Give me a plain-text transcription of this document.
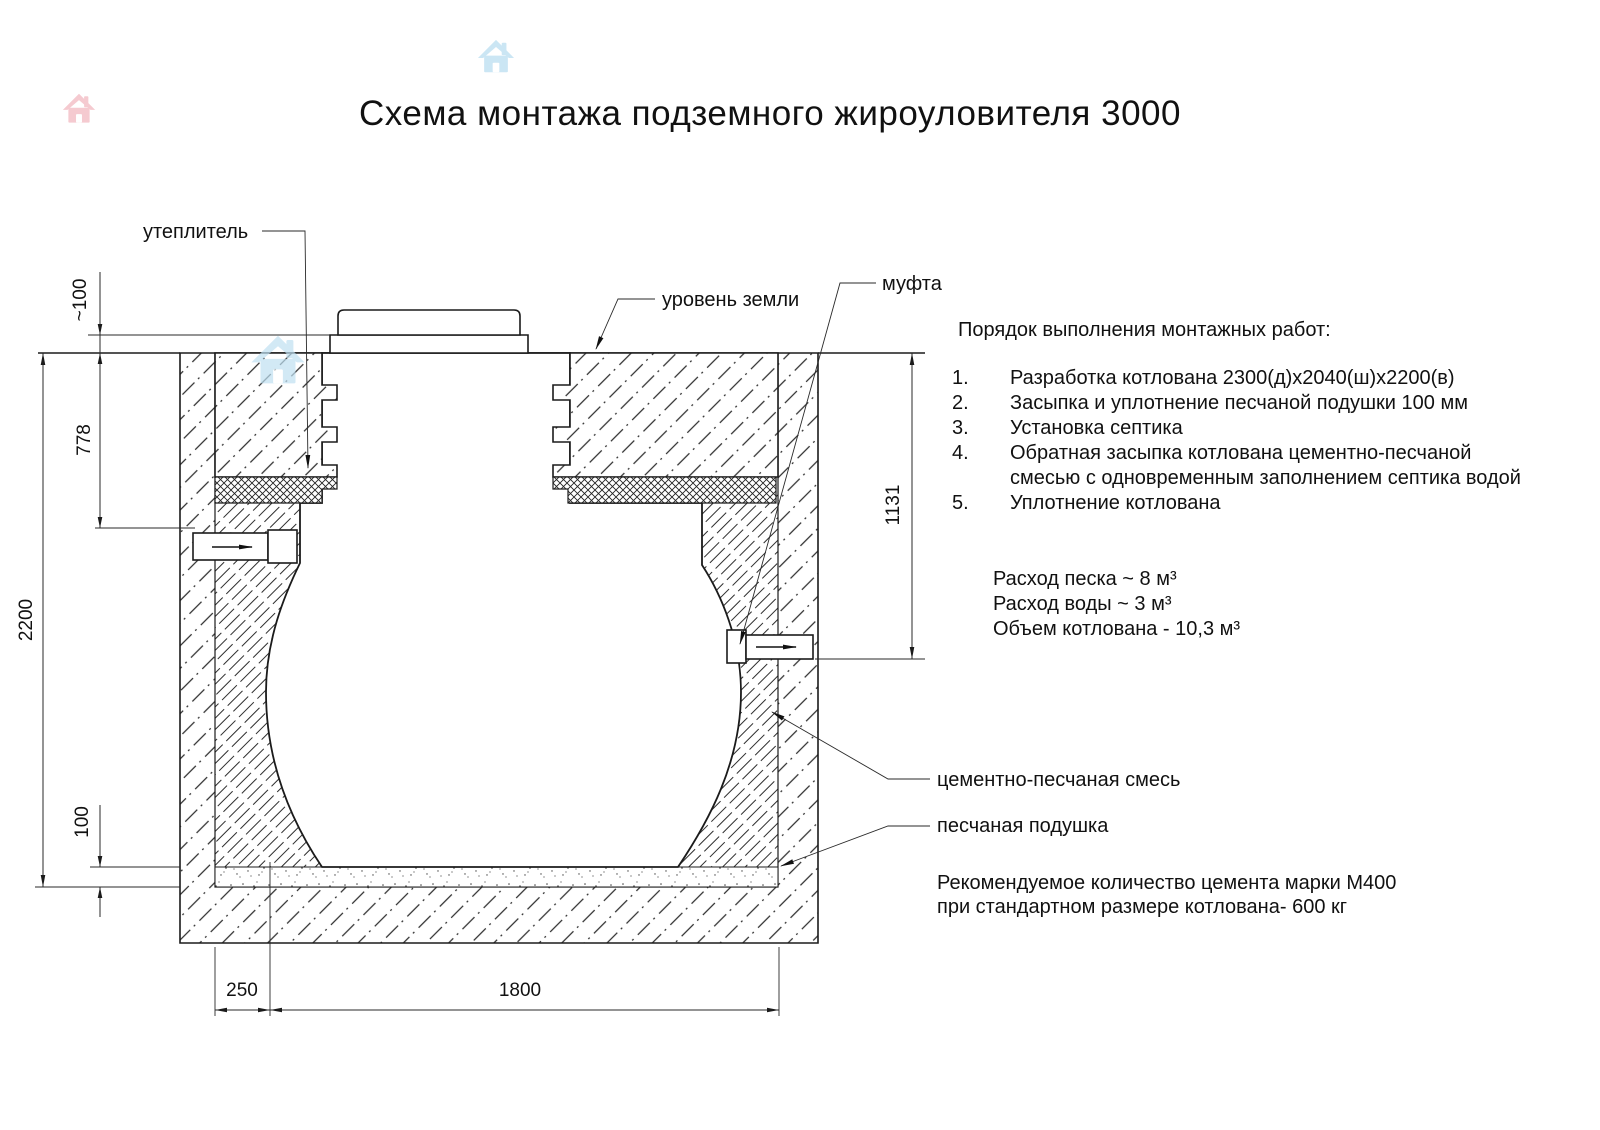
Схема монтажа подземного жироуловителя 3000
~100
778
2200
100
1131
250	1800
утеплитель
уровень земли
муфта
цементно-песчаная смесь
песчаная подушка
Порядок выполнения монтажных работ:
1. Разработка котлована 2300(д)х2040(ш)х2200(в)
2. Засыпка и уплотнение песчаной подушки 100 мм
3. Установка септика
4. Обратная засыпка котлована цементно-песчаной
смесью с одновременным заполнением септика водой
5. Уплотнение котлована
Расход песка ~ 8 м³
Расход воды ~ 3 м³
Объем котлована - 10,3 м³
Рекомендуемое количество цемента марки М400
при стандартном размере котлована- 600 кг
